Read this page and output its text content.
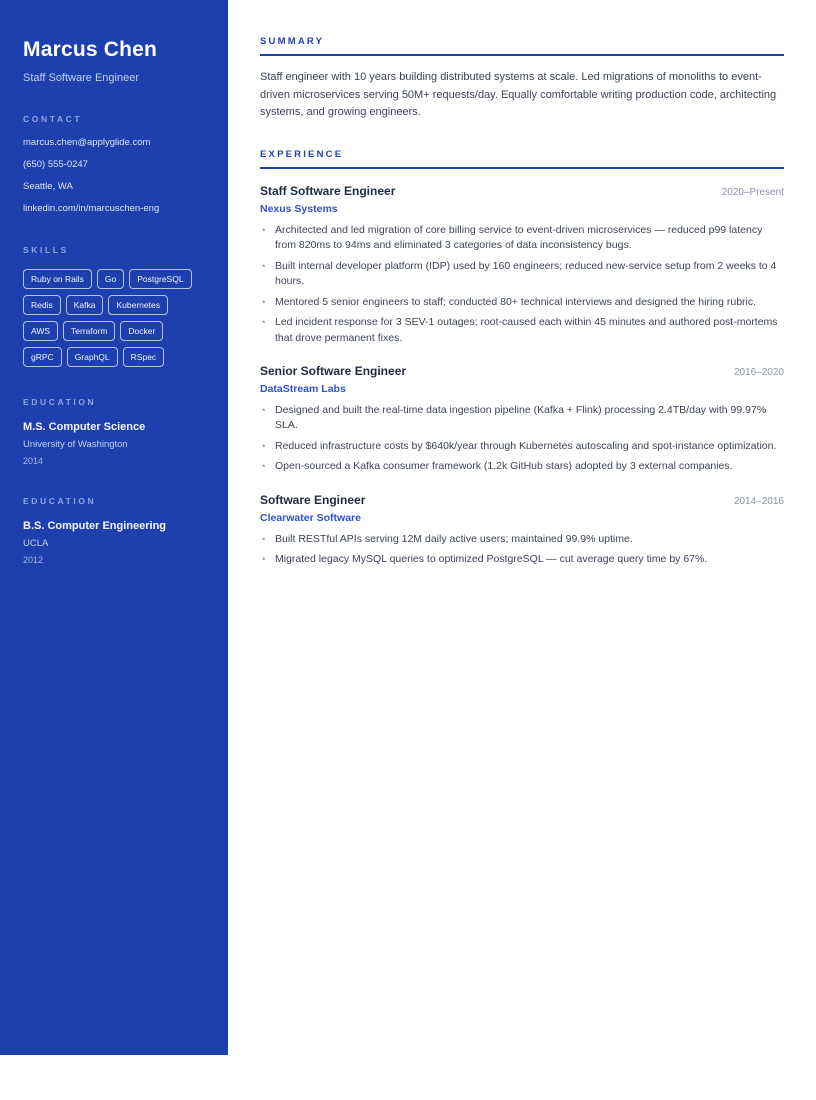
Marcus Chen
Staff Software Engineer
CONTACT
marcus.chen@applyglide.com
(650) 555-0247
Seattle, WA
linkedin.com/in/marcuschen-eng
SKILLS
Ruby on Rails	Go	PostgreSQL
Redis	Kafka	Kubernetes
AWS	Terraform	Docker
gRPC	GraphQL	RSpec
EDUCATION
M.S. Computer Science
University of Washington
2014
EDUCATION
B.S. Computer Engineering
UCLA
2012
SUMMARY

Staff engineer with 10 years building distributed systems at scale. Led migrations of monoliths to event-driven microservices serving 50M+ requests/day. Equally comfortable writing production code, architecting systems, and growing engineers.

EXPERIENCE
Staff Software Engineer	2020–Present
Nexus Systems
• Architected and led migration of core billing service to event-driven microservices — reduced p99 latency from 820ms to 94ms and eliminated 3 categories of data inconsistency bugs.
• Built internal developer platform (IDP) used by 160 engineers; reduced new-service setup from 2 weeks to 4 hours.
• Mentored 5 senior engineers to staff; conducted 80+ technical interviews and designed the hiring rubric.
• Led incident response for 3 SEV-1 outages; root-caused each within 45 minutes and authored post-mortems that drove permanent fixes.
Senior Software Engineer	2016–2020
DataStream Labs
• Designed and built the real-time data ingestion pipeline (Kafka + Flink) processing 2.4TB/day with 99.97% SLA.
• Reduced infrastructure costs by $640k/year through Kubernetes autoscaling and spot-instance optimization.
• Open-sourced a Kafka consumer framework (1.2k GitHub stars) adopted by 3 external companies.
Software Engineer	2014–2016
Clearwater Software
• Built RESTful APIs serving 12M daily active users; maintained 99.9% uptime.
• Migrated legacy MySQL queries to optimized PostgreSQL — cut average query time by 67%.
